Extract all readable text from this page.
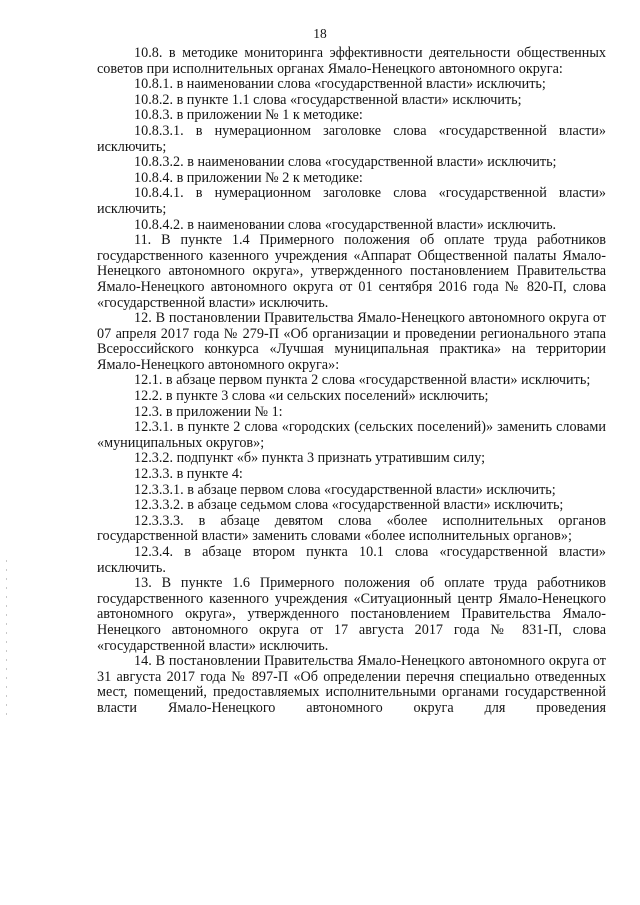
18

10.8. в методике мониторинга эффективности деятельности общественных советов при исполнительных органах Ямало-Ненецкого автономного округа:

10.8.1. в наименовании слова «государственной власти» исключить;

10.8.2. в пункте 1.1 слова «государственной власти» исключить;

10.8.3. в приложении № 1 к методике:

10.8.3.1. в нумерационном заголовке слова «государственной власти» исключить;

10.8.3.2. в наименовании слова «государственной власти» исключить;

10.8.4. в приложении № 2 к методике:

10.8.4.1. в нумерационном заголовке слова «государственной власти» исключить;

10.8.4.2. в наименовании слова «государственной власти» исключить.

11. В пункте 1.4 Примерного положения об оплате труда работников государственного казенного учреждения «Аппарат Общественной палаты Ямало-Ненецкого автономного округа», утвержденного постановлением Правительства Ямало-Ненецкого автономного округа от 01 сентября 2016 года № 820-П, слова «государственной власти» исключить.

12. В постановлении Правительства Ямало-Ненецкого автономного округа от 07 апреля 2017 года № 279-П «Об организации и проведении регионального этапа Всероссийского конкурса «Лучшая муниципальная практика» на территории Ямало-Ненецкого автономного округа»:

12.1. в абзаце первом пункта 2 слова «государственной власти» исключить;

12.2. в пункте 3 слова «и сельских поселений» исключить;

12.3. в приложении № 1:

12.3.1. в пункте 2 слова «городских (сельских поселений)» заменить словами «муниципальных округов»;

12.3.2. подпункт «б» пункта 3 признать утратившим силу;

12.3.3. в пункте 4:

12.3.3.1. в абзаце первом слова «государственной власти» исключить;

12.3.3.2. в абзаце седьмом слова «государственной власти» исключить;

12.3.3.3. в абзаце девятом слова «более исполнительных органов государственной власти» заменить словами «более исполнительных органов»;

12.3.4. в абзаце втором пункта 10.1 слова «государственной власти» исключить.

13. В пункте 1.6 Примерного положения об оплате труда работников государственного казенного учреждения «Ситуационный центр Ямало-Ненецкого автономного округа», утвержденного постановлением Правительства Ямало-Ненецкого автономного округа от 17 августа 2017 года № 831-П, слова «государственной власти» исключить.

14. В постановлении Правительства Ямало-Ненецкого автономного округа от 31 августа 2017 года № 897-П «Об определении перечня специально отведенных мест, помещений, предоставляемых исполнительными органами государственной власти Ямало-Ненецкого автономного округа для проведения
